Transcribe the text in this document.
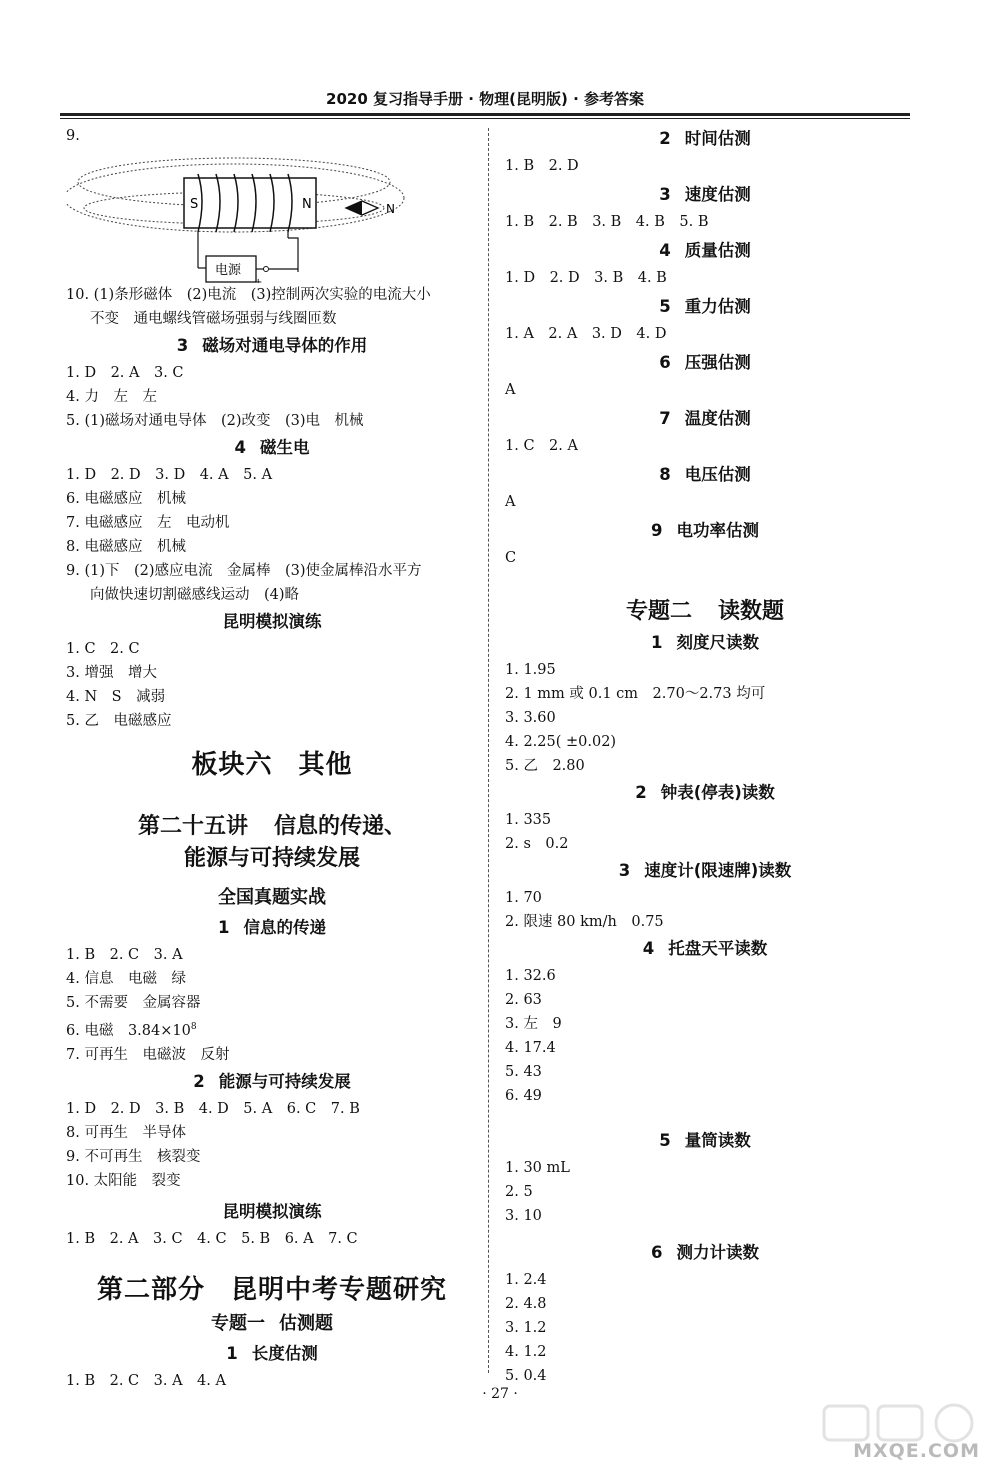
2020 复习指导手册 · 物理(昆明版) · 参考答案
9.
S	N	N
电源
+
10. (1)条形磁体　(2)电流　(3)控制两次实验的电流大小
不变　通电螺线管磁场强弱与线圈匝数
3 磁场对通电导体的作用
1. D　2. A　3. C
4. 力　左　左
5. (1)磁场对通电导体　(2)改变　(3)电　机械
4 磁生电
1. D　2. D　3. D　4. A　5. A
6. 电磁感应　机械
7. 电磁感应　左　电动机
8. 电磁感应　机械
9. (1)下　(2)感应电流　金属棒　(3)使金属棒沿水平方
向做快速切割磁感线运动　(4)略
昆明模拟演练
1. C　2. C
3. 增强　增大
4. N　S　减弱
5. 乙　电磁感应
板块六 其他
第二十五讲 信息的传递、
能源与可持续发展
全国真题实战
1 信息的传递
1. B　2. C　3. A
4. 信息　电磁　绿
5. 不需要　金属容器
6. 电磁　$3.84\times 10^8$
7. 可再生　电磁波　反射
2 能源与可持续发展
1. D　2. D　3. B　4. D　5. A　6. C　7. B
8. 可再生　半导体
9. 不可再生　核裂变
10. 太阳能　裂变
昆明模拟演练
1. B　2. A　3. C　4. C　5. B　6. A　7. C
第二部分 昆明中考专题研究
专题一 估测题
1 长度估测
1. B　2. C　3. A　4. A
2 时间估测
1. B　2. D
3 速度估测
1. B　2. B　3. B　4. B　5. B
4 质量估测
1. D　2. D　3. B　4. B
5 重力估测
1. A　2. A　3. D　4. D
6 压强估测
A
7 温度估测
1. C　2. A
8 电压估测
A
9 电功率估测
C
专题二 读数题
1 刻度尺读数
1. 1.95
2. 1 mm 或 0.1 cm　2.70～2.73 均可
3. 3.60
4. 2.25( ±0.02)
5. 乙　2.80
2 钟表(停表)读数
1. 335
2. s　0.2
3 速度计(限速牌)读数
1. 70
2. 限速 80 km/h　0.75
4 托盘天平读数
1. 32.6
2. 63
3. 左　9
4. 17.4
5. 43
6. 49
5 量筒读数
1. 30 mL
2. 5
3. 10
6 测力计读数
1. 2.4
2. 4.8
3. 1.2
4. 1.2
5. 0.4
· 27 ·
MXQE.COM
